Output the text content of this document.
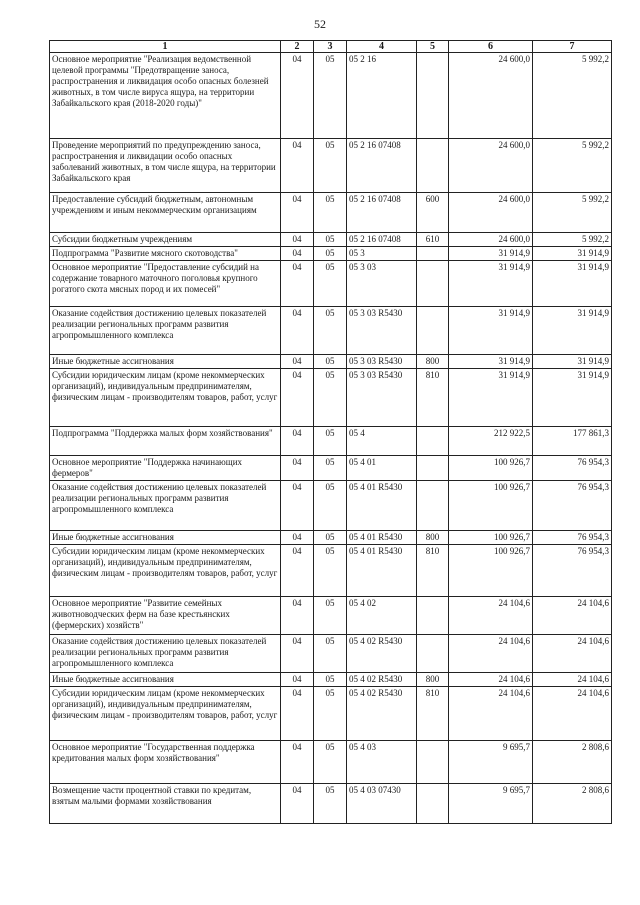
52
1	2	3	4	5	6	7
Основное мероприятие "Реализация ведомственной целевой программы "Предотвращение заноса, распространения и ликвидация особо опасных болезней животных, в том числе вируса ящура, на территории Забайкальского края (2018-2020 годы)"	04	05	05 2 16		24 600,0	5 992,2
Проведение мероприятий по предупреждению заноса, распространения и ликвидации особо опасных заболеваний животных, в том числе ящура, на территории Забайкальского края	04	05	05 2 16 07408		24 600,0	5 992,2
Предоставление субсидий бюджетным, автономным учреждениям и иным некоммерческим организациям	04	05	05 2 16 07408	600	24 600,0	5 992,2
Субсидии бюджетным учреждениям	04	05	05 2 16 07408	610	24 600,0	5 992,2
Подпрограмма "Развитие мясного скотоводства"	04	05	05 3		31 914,9	31 914,9
Основное мероприятие "Предоставление субсидий на содержание товарного маточного поголовья крупного рогатого скота мясных пород и их помесей"	04	05	05 3 03		31 914,9	31 914,9
Оказание содействия достижению целевых показателей реализации региональных программ развития агропромышленного комплекса	04	05	05 3 03 R5430		31 914,9	31 914,9
Иные бюджетные ассигнования	04	05	05 3 03 R5430	800	31 914,9	31 914,9
Субсидии юридическим лицам (кроме некоммерческих организаций), индивидуальным предпринимателям, физическим лицам - производителям товаров, работ, услуг	04	05	05 3 03 R5430	810	31 914,9	31 914,9
Подпрограмма "Поддержка малых форм хозяйствования"	04	05	05 4		212 922,5	177 861,3
Основное мероприятие "Поддержка начинающих фермеров"	04	05	05 4 01		100 926,7	76 954,3
Оказание содействия достижению целевых показателей реализации региональных программ развития агропромышленного комплекса	04	05	05 4 01 R5430		100 926,7	76 954,3
Иные бюджетные ассигнования	04	05	05 4 01 R5430	800	100 926,7	76 954,3
Субсидии юридическим лицам (кроме некоммерческих организаций), индивидуальным предпринимателям, физическим лицам - производителям товаров, работ, услуг	04	05	05 4 01 R5430	810	100 926,7	76 954,3
Основное мероприятие "Развитие семейных животноводческих ферм на базе крестьянских (фермерских) хозяйств"	04	05	05 4 02		24 104,6	24 104,6
Оказание содействия достижению целевых показателей реализации региональных программ развития агропромышленного комплекса	04	05	05 4 02 R5430		24 104,6	24 104,6
Иные бюджетные ассигнования	04	05	05 4 02 R5430	800	24 104,6	24 104,6
Субсидии юридическим лицам (кроме некоммерческих организаций), индивидуальным предпринимателям, физическим лицам - производителям товаров, работ, услуг	04	05	05 4 02 R5430	810	24 104,6	24 104,6
Основное мероприятие "Государственная поддержка кредитования малых форм хозяйствования"	04	05	05 4 03		9 695,7	2 808,6
Возмещение части процентной ставки по кредитам, взятым малыми формами хозяйствования	04	05	05 4 03 07430		9 695,7	2 808,6
